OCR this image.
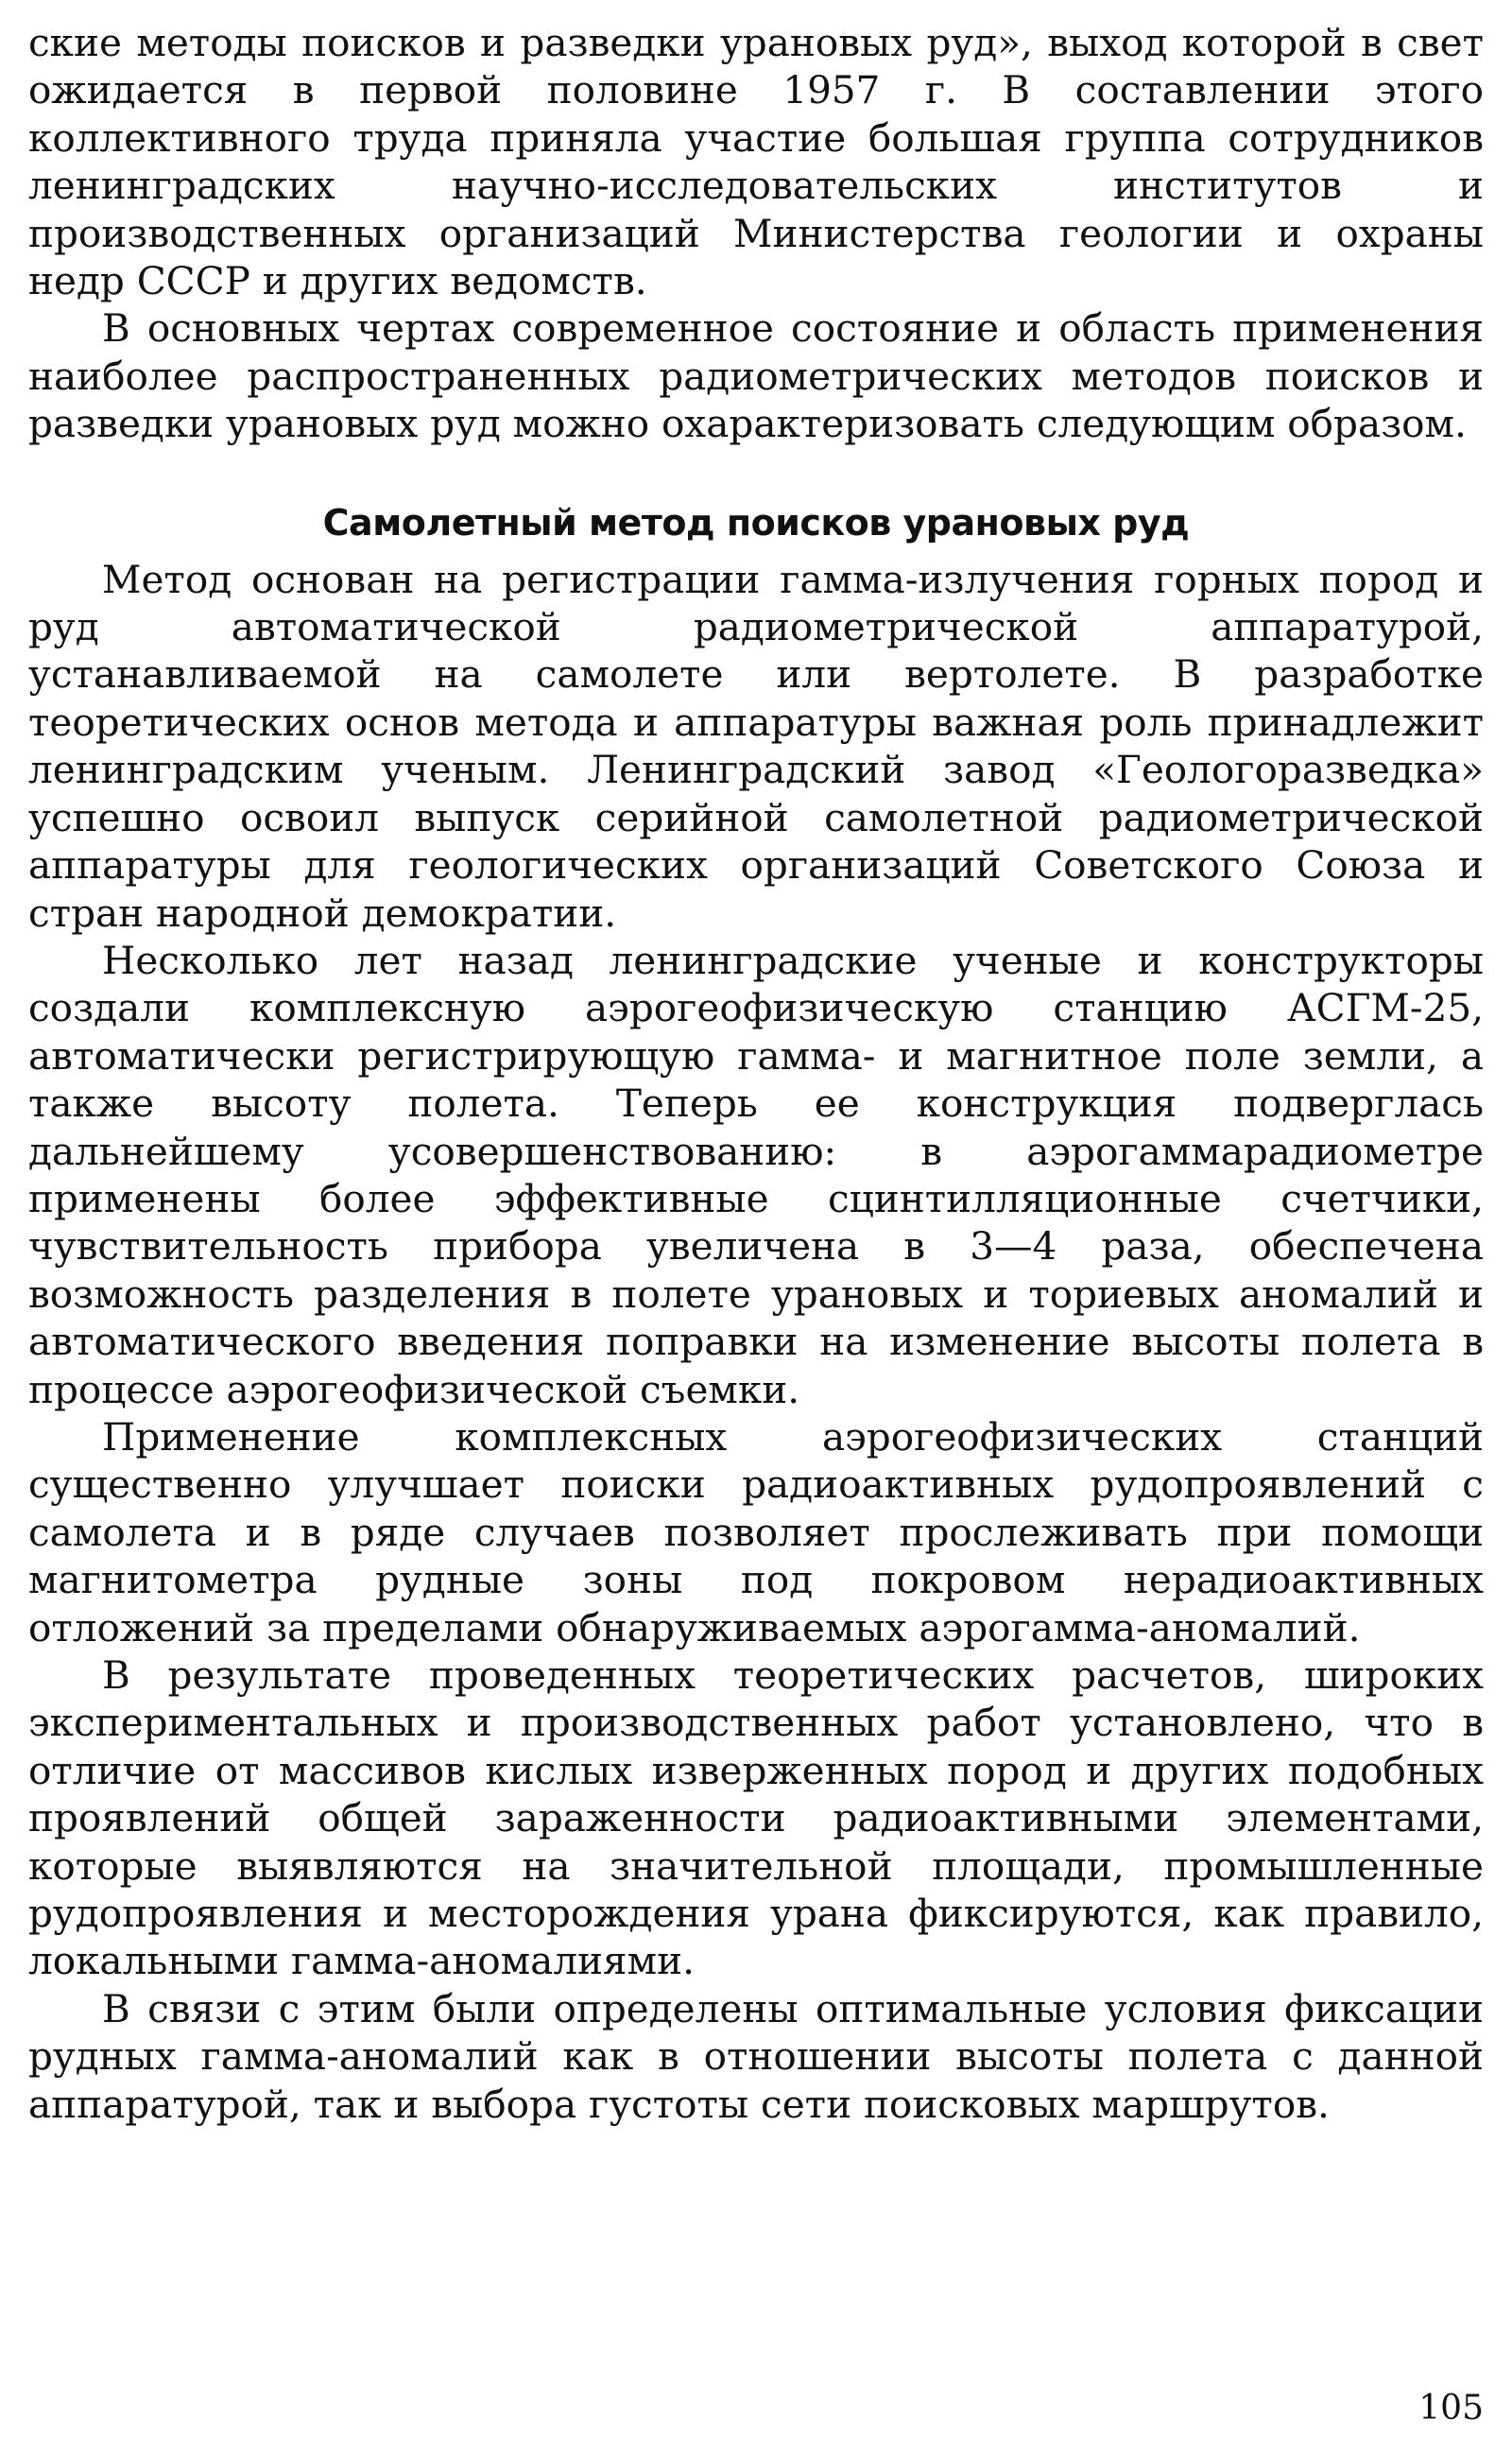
ские методы поисков и разведки урановых руд», выход которой в свет ожидается в первой половине 1957 г. В составлении этого коллективного труда приняла участие большая группа сотрудников ленинградских научно-исследовательских институтов и производственных организаций Министерства геологии и охраны недр СССР и других ведомств.

В основных чертах современное состояние и область применения наиболее распространенных радиометрических методов поисков и разведки урановых руд можно охарактеризовать следующим образом.

Самолетный метод поисков урановых руд

Метод основан на регистрации гамма-излучения горных пород и руд автоматической радиометрической аппаратурой, устанавливаемой на самолете или вертолете. В разработке теоретических основ метода и аппаратуры важная роль принадлежит ленинградским ученым. Ленинградский завод «Геологоразведка» успешно освоил выпуск серийной самолетной радиометрической аппаратуры для геологических организаций Советского Союза и стран народной демократии.

Несколько лет назад ленинградские ученые и конструкторы создали комплексную аэрогеофизическую станцию АСГМ-25, автоматически регистрирующую гамма- и магнитное поле земли, а также высоту полета. Теперь ее конструкция подверглась дальнейшему усовершенствованию: в аэрогаммарадиометре применены более эффективные сцинтилляционные счетчики, чувствительность прибора увеличена в 3—4 раза, обеспечена возможность разделения в полете урановых и ториевых аномалий и автоматического введения поправки на изменение высоты полета в процессе аэрогеофизической съемки.

Применение комплексных аэрогеофизических станций существенно улучшает поиски радиоактивных рудопроявлений с самолета и в ряде случаев позволяет прослеживать при помощи магнитометра рудные зоны под покровом нерадиоактивных отложений за пределами обнаруживаемых аэрогамма-аномалий.

В результате проведенных теоретических расчетов, широких экспериментальных и производственных работ установлено, что в отличие от массивов кислых изверженных пород и других подобных проявлений общей зараженности радиоактивными элементами, которые выявляются на значительной площади, промышленные рудопроявления и месторождения урана фиксируются, как правило, локальными гамма-аномалиями.

В связи с этим были определены оптимальные условия фиксации рудных гамма-аномалий как в отношении высоты полета с данной аппаратурой, так и выбора густоты сети поисковых маршрутов.

105
